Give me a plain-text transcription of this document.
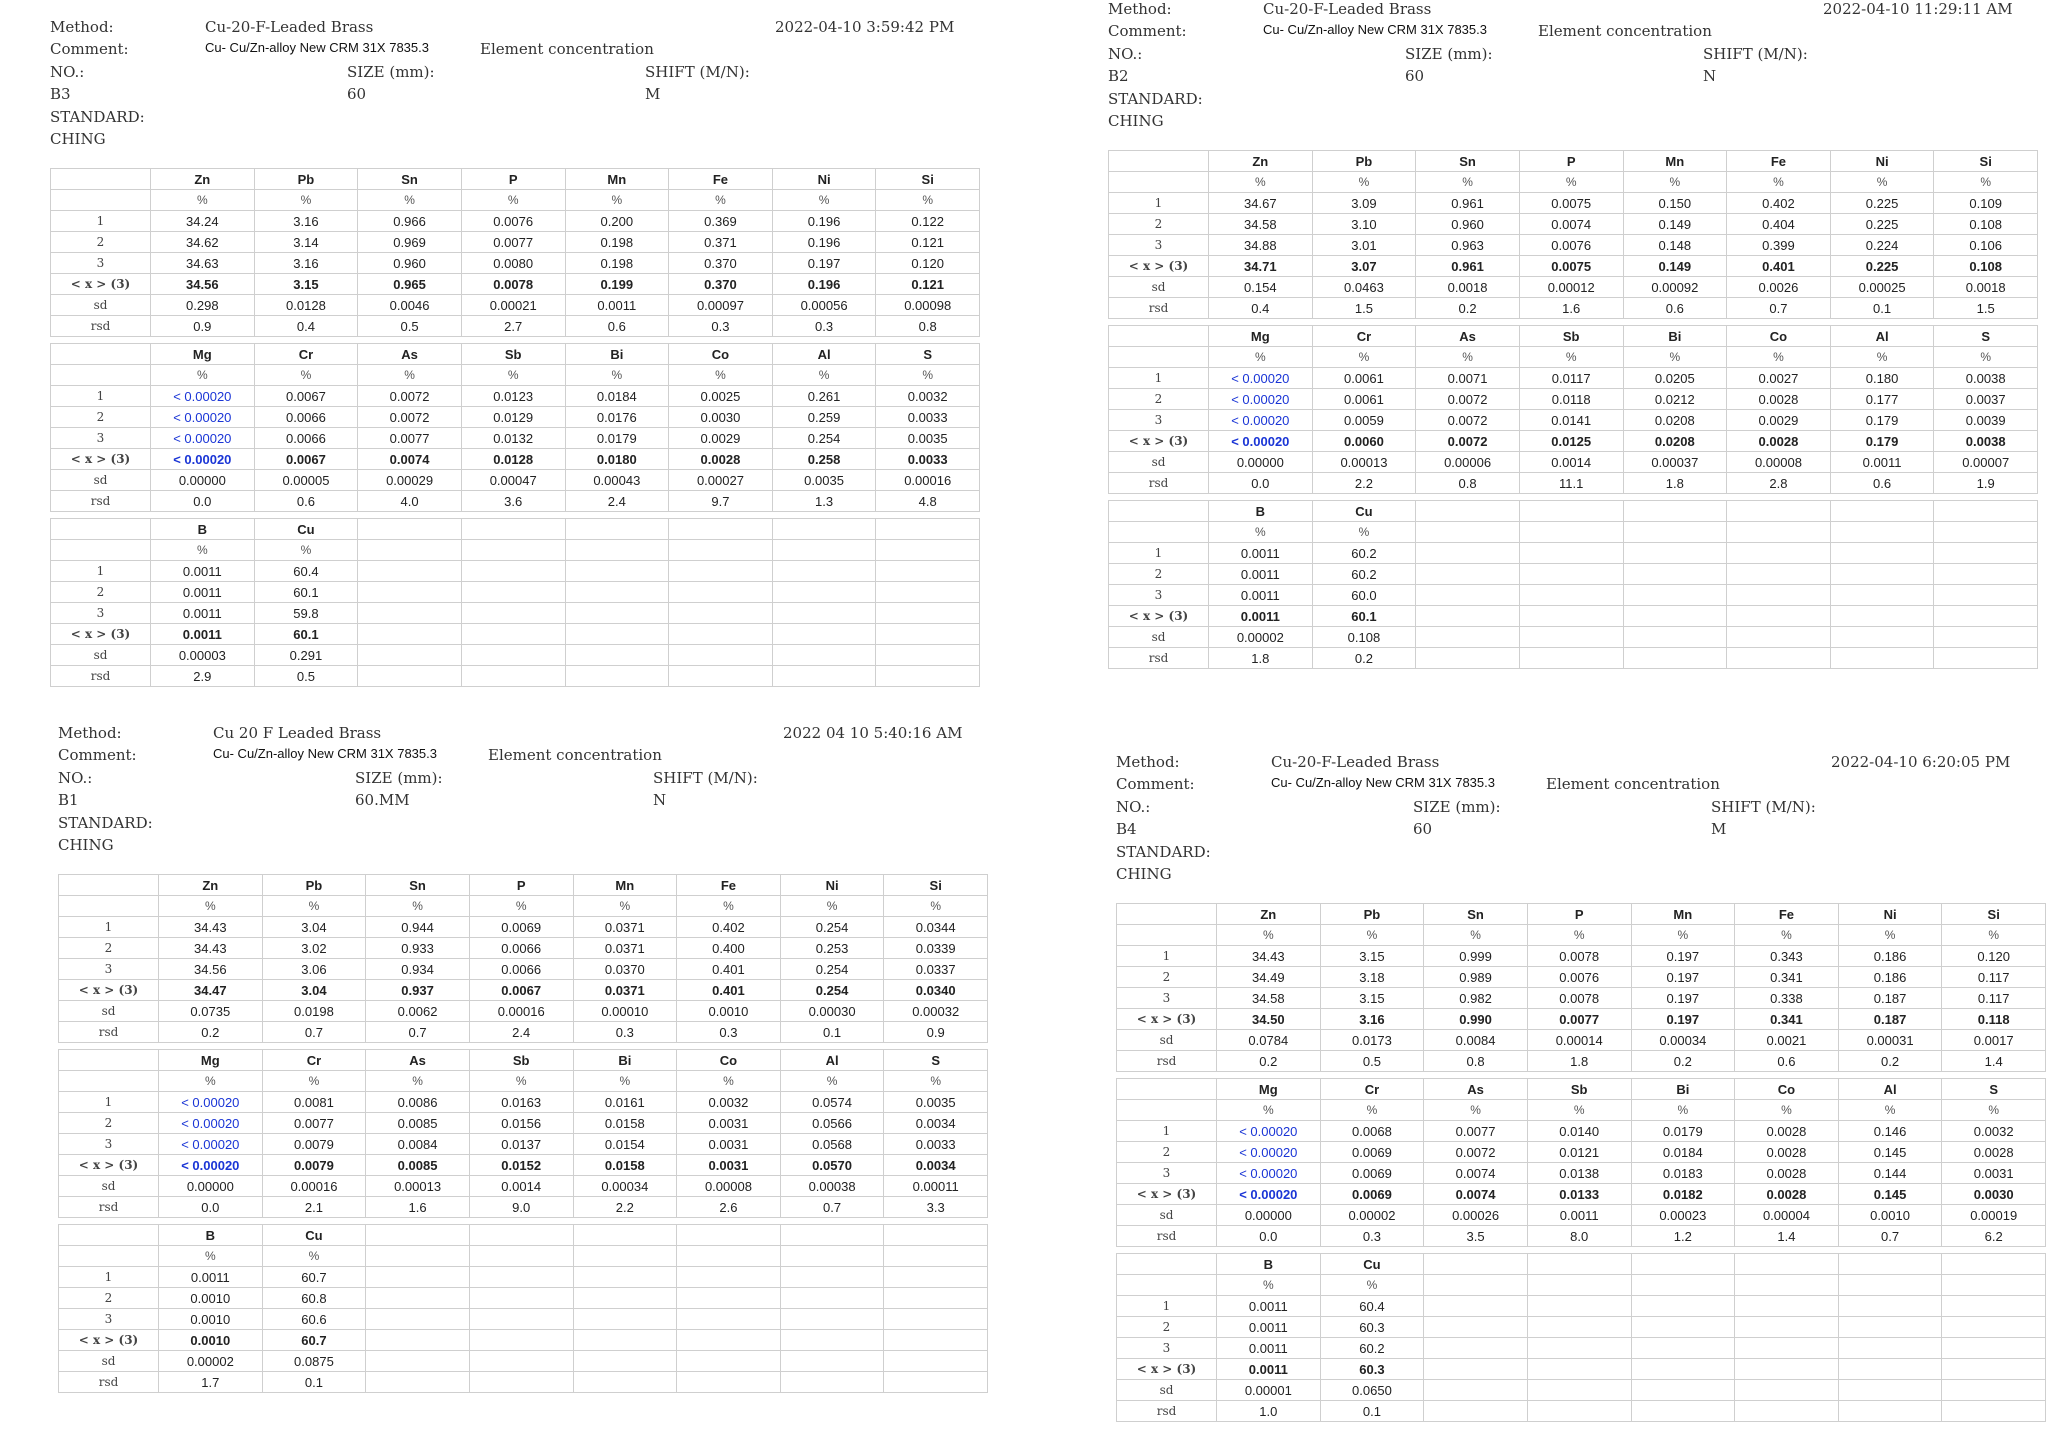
Method:	Cu-20-F-Leaded Brass	2022-04-10 3:59:42 PM
Comment:	Cu- Cu/Zn-alloy New CRM 31X 7835.3	Element concentration
NO.:	SIZE (mm):	SHIFT (M/N):
B3	60	M
STANDARD:
CHING
	Zn	Pb	Sn	P	Mn	Fe	Ni	Si
	%	%	%	%	%	%	%	%
1	34.24	3.16	0.966	0.0076	0.200	0.369	0.196	0.122
2	34.62	3.14	0.969	0.0077	0.198	0.371	0.196	0.121
3	34.63	3.16	0.960	0.0080	0.198	0.370	0.197	0.120
< x > (3)	34.56	3.15	0.965	0.0078	0.199	0.370	0.196	0.121
sd	0.298	0.0128	0.0046	0.00021	0.0011	0.00097	0.00056	0.00098
rsd	0.9	0.4	0.5	2.7	0.6	0.3	0.3	0.8
	Mg	Cr	As	Sb	Bi	Co	Al	S
	%	%	%	%	%	%	%	%
1	< 0.00020	0.0067	0.0072	0.0123	0.0184	0.0025	0.261	0.0032
2	< 0.00020	0.0066	0.0072	0.0129	0.0176	0.0030	0.259	0.0033
3	< 0.00020	0.0066	0.0077	0.0132	0.0179	0.0029	0.254	0.0035
< x > (3)	< 0.00020	0.0067	0.0074	0.0128	0.0180	0.0028	0.258	0.0033
sd	0.00000	0.00005	0.00029	0.00047	0.00043	0.00027	0.0035	0.00016
rsd	0.0	0.6	4.0	3.6	2.4	9.7	1.3	4.8
	B	Cu						
	%	%						
1	0.0011	60.4						
2	0.0011	60.1						
3	0.0011	59.8						
< x > (3)	0.0011	60.1						
sd	0.00003	0.291						
rsd	2.9	0.5						
Method:	Cu-20-F-Leaded Brass	2022-04-10 11:29:11 AM
Comment:	Cu- Cu/Zn-alloy New CRM 31X 7835.3	Element concentration
NO.:	SIZE (mm):	SHIFT (M/N):
B2	60	N
STANDARD:
CHING
	Zn	Pb	Sn	P	Mn	Fe	Ni	Si
	%	%	%	%	%	%	%	%
1	34.67	3.09	0.961	0.0075	0.150	0.402	0.225	0.109
2	34.58	3.10	0.960	0.0074	0.149	0.404	0.225	0.108
3	34.88	3.01	0.963	0.0076	0.148	0.399	0.224	0.106
< x > (3)	34.71	3.07	0.961	0.0075	0.149	0.401	0.225	0.108
sd	0.154	0.0463	0.0018	0.00012	0.00092	0.0026	0.00025	0.0018
rsd	0.4	1.5	0.2	1.6	0.6	0.7	0.1	1.5
	Mg	Cr	As	Sb	Bi	Co	Al	S
	%	%	%	%	%	%	%	%
1	< 0.00020	0.0061	0.0071	0.0117	0.0205	0.0027	0.180	0.0038
2	< 0.00020	0.0061	0.0072	0.0118	0.0212	0.0028	0.177	0.0037
3	< 0.00020	0.0059	0.0072	0.0141	0.0208	0.0029	0.179	0.0039
< x > (3)	< 0.00020	0.0060	0.0072	0.0125	0.0208	0.0028	0.179	0.0038
sd	0.00000	0.00013	0.00006	0.0014	0.00037	0.00008	0.0011	0.00007
rsd	0.0	2.2	0.8	11.1	1.8	2.8	0.6	1.9
	B	Cu						
	%	%						
1	0.0011	60.2						
2	0.0011	60.2						
3	0.0011	60.0						
< x > (3)	0.0011	60.1						
sd	0.00002	0.108						
rsd	1.8	0.2						
Method:	Cu 20 F Leaded Brass	2022 04 10 5:40:16 AM
Comment:	Cu- Cu/Zn-alloy New CRM 31X 7835.3	Element concentration
NO.:	SIZE (mm):	SHIFT (M/N):
B1	60.MM	N
STANDARD:
CHING
	Zn	Pb	Sn	P	Mn	Fe	Ni	Si
	%	%	%	%	%	%	%	%
1	34.43	3.04	0.944	0.0069	0.0371	0.402	0.254	0.0344
2	34.43	3.02	0.933	0.0066	0.0371	0.400	0.253	0.0339
3	34.56	3.06	0.934	0.0066	0.0370	0.401	0.254	0.0337
< x > (3)	34.47	3.04	0.937	0.0067	0.0371	0.401	0.254	0.0340
sd	0.0735	0.0198	0.0062	0.00016	0.00010	0.0010	0.00030	0.00032
rsd	0.2	0.7	0.7	2.4	0.3	0.3	0.1	0.9
	Mg	Cr	As	Sb	Bi	Co	Al	S
	%	%	%	%	%	%	%	%
1	< 0.00020	0.0081	0.0086	0.0163	0.0161	0.0032	0.0574	0.0035
2	< 0.00020	0.0077	0.0085	0.0156	0.0158	0.0031	0.0566	0.0034
3	< 0.00020	0.0079	0.0084	0.0137	0.0154	0.0031	0.0568	0.0033
< x > (3)	< 0.00020	0.0079	0.0085	0.0152	0.0158	0.0031	0.0570	0.0034
sd	0.00000	0.00016	0.00013	0.0014	0.00034	0.00008	0.00038	0.00011
rsd	0.0	2.1	1.6	9.0	2.2	2.6	0.7	3.3
	B	Cu						
	%	%						
1	0.0011	60.7						
2	0.0010	60.8						
3	0.0010	60.6						
< x > (3)	0.0010	60.7						
sd	0.00002	0.0875						
rsd	1.7	0.1						
Method:	Cu-20-F-Leaded Brass	2022-04-10 6:20:05 PM
Comment:	Cu- Cu/Zn-alloy New CRM 31X 7835.3	Element concentration
NO.:	SIZE (mm):	SHIFT (M/N):
B4	60	M
STANDARD:
CHING
	Zn	Pb	Sn	P	Mn	Fe	Ni	Si
	%	%	%	%	%	%	%	%
1	34.43	3.15	0.999	0.0078	0.197	0.343	0.186	0.120
2	34.49	3.18	0.989	0.0076	0.197	0.341	0.186	0.117
3	34.58	3.15	0.982	0.0078	0.197	0.338	0.187	0.117
< x > (3)	34.50	3.16	0.990	0.0077	0.197	0.341	0.187	0.118
sd	0.0784	0.0173	0.0084	0.00014	0.00034	0.0021	0.00031	0.0017
rsd	0.2	0.5	0.8	1.8	0.2	0.6	0.2	1.4
	Mg	Cr	As	Sb	Bi	Co	Al	S
	%	%	%	%	%	%	%	%
1	< 0.00020	0.0068	0.0077	0.0140	0.0179	0.0028	0.146	0.0032
2	< 0.00020	0.0069	0.0072	0.0121	0.0184	0.0028	0.145	0.0028
3	< 0.00020	0.0069	0.0074	0.0138	0.0183	0.0028	0.144	0.0031
< x > (3)	< 0.00020	0.0069	0.0074	0.0133	0.0182	0.0028	0.145	0.0030
sd	0.00000	0.00002	0.00026	0.0011	0.00023	0.00004	0.0010	0.00019
rsd	0.0	0.3	3.5	8.0	1.2	1.4	0.7	6.2
	B	Cu						
	%	%						
1	0.0011	60.4						
2	0.0011	60.3						
3	0.0011	60.2						
< x > (3)	0.0011	60.3						
sd	0.00001	0.0650						
rsd	1.0	0.1						
